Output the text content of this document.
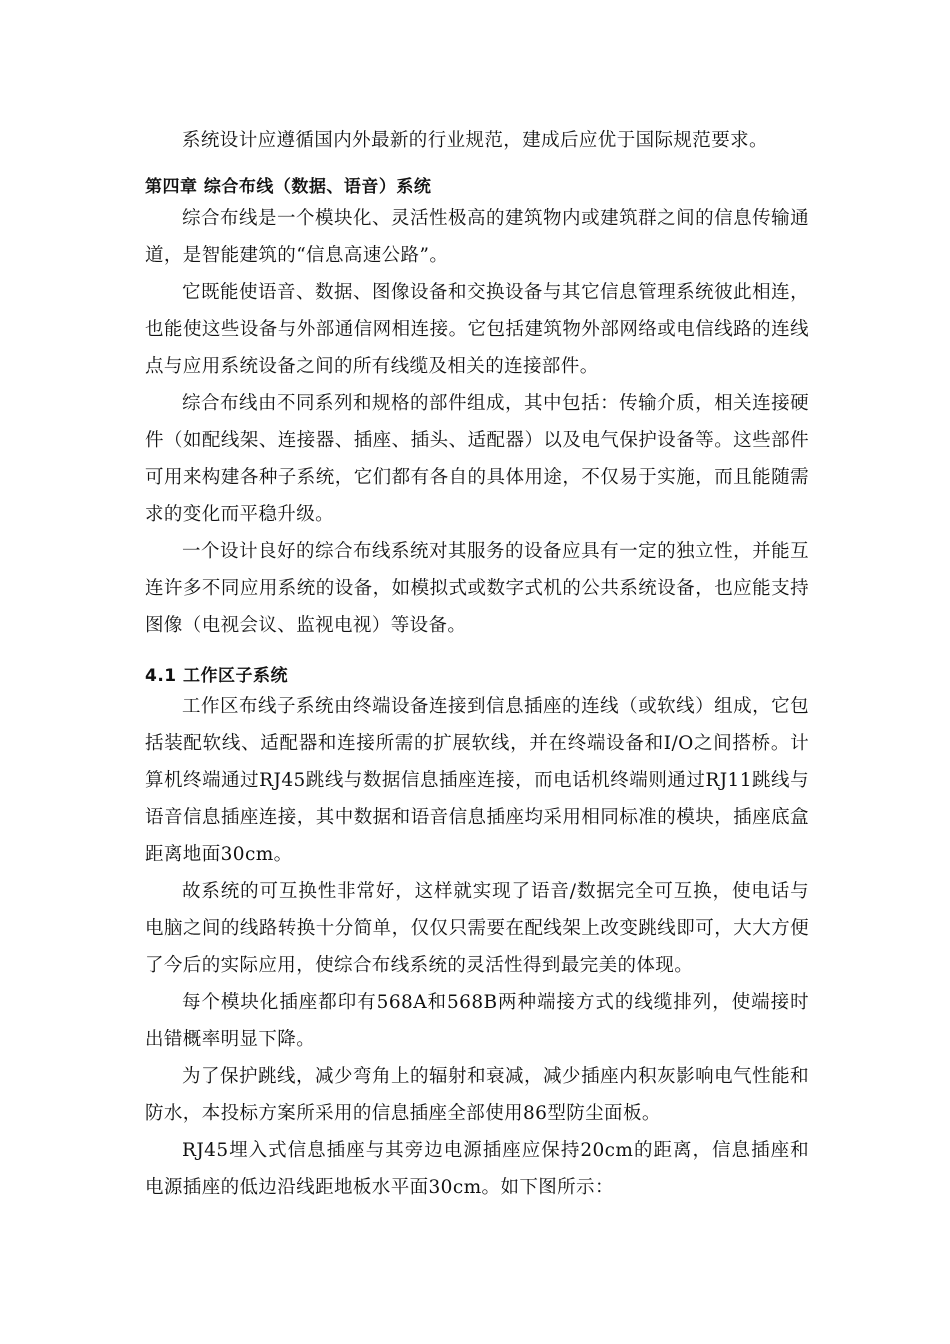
系统设计应遵循国内外最新的行业规范，建成后应优于国际规范要求。

第四章 综合布线（数据、语音）系统

综合布线是一个模块化、灵活性极高的建筑物内或建筑群之间的信息传输通道，是智能建筑的“信息高速公路”。

它既能使语音、数据、图像设备和交换设备与其它信息管理系统彼此相连，也能使这些设备与外部通信网相连接。它包括建筑物外部网络或电信线路的连线点与应用系统设备之间的所有线缆及相关的连接部件。

综合布线由不同系列和规格的部件组成，其中包括：传输介质，相关连接硬件（如配线架、连接器、插座、插头、适配器）以及电气保护设备等。这些部件可用来构建各种子系统，它们都有各自的具体用途，不仅易于实施，而且能随需求的变化而平稳升级。

一个设计良好的综合布线系统对其服务的设备应具有一定的独立性，并能互连许多不同应用系统的设备，如模拟式或数字式机的公共系统设备，也应能支持图像（电视会议、监视电视）等设备。

4.1 工作区子系统

工作区布线子系统由终端设备连接到信息插座的连线（或软线）组成，它包括装配软线、适配器和连接所需的扩展软线，并在终端设备和I/O之间搭桥。计算机终端通过RJ45跳线与数据信息插座连接，而电话机终端则通过RJ11跳线与语音信息插座连接，其中数据和语音信息插座均采用相同标准的模块，插座底盒距离地面30cm。

故系统的可互换性非常好，这样就实现了语音/数据完全可互换，使电话与电脑之间的线路转换十分简单，仅仅只需要在配线架上改变跳线即可，大大方便了今后的实际应用，使综合布线系统的灵活性得到最完美的体现。

每个模块化插座都印有568A和568B两种端接方式的线缆排列，使端接时出错概率明显下降。

为了保护跳线，减少弯角上的辐射和衰减，减少插座内积灰影响电气性能和防水，本投标方案所采用的信息插座全部使用86型防尘面板。

RJ45埋入式信息插座与其旁边电源插座应保持20cm的距离，信息插座和电源插座的低边沿线距地板水平面30cm。如下图所示：
